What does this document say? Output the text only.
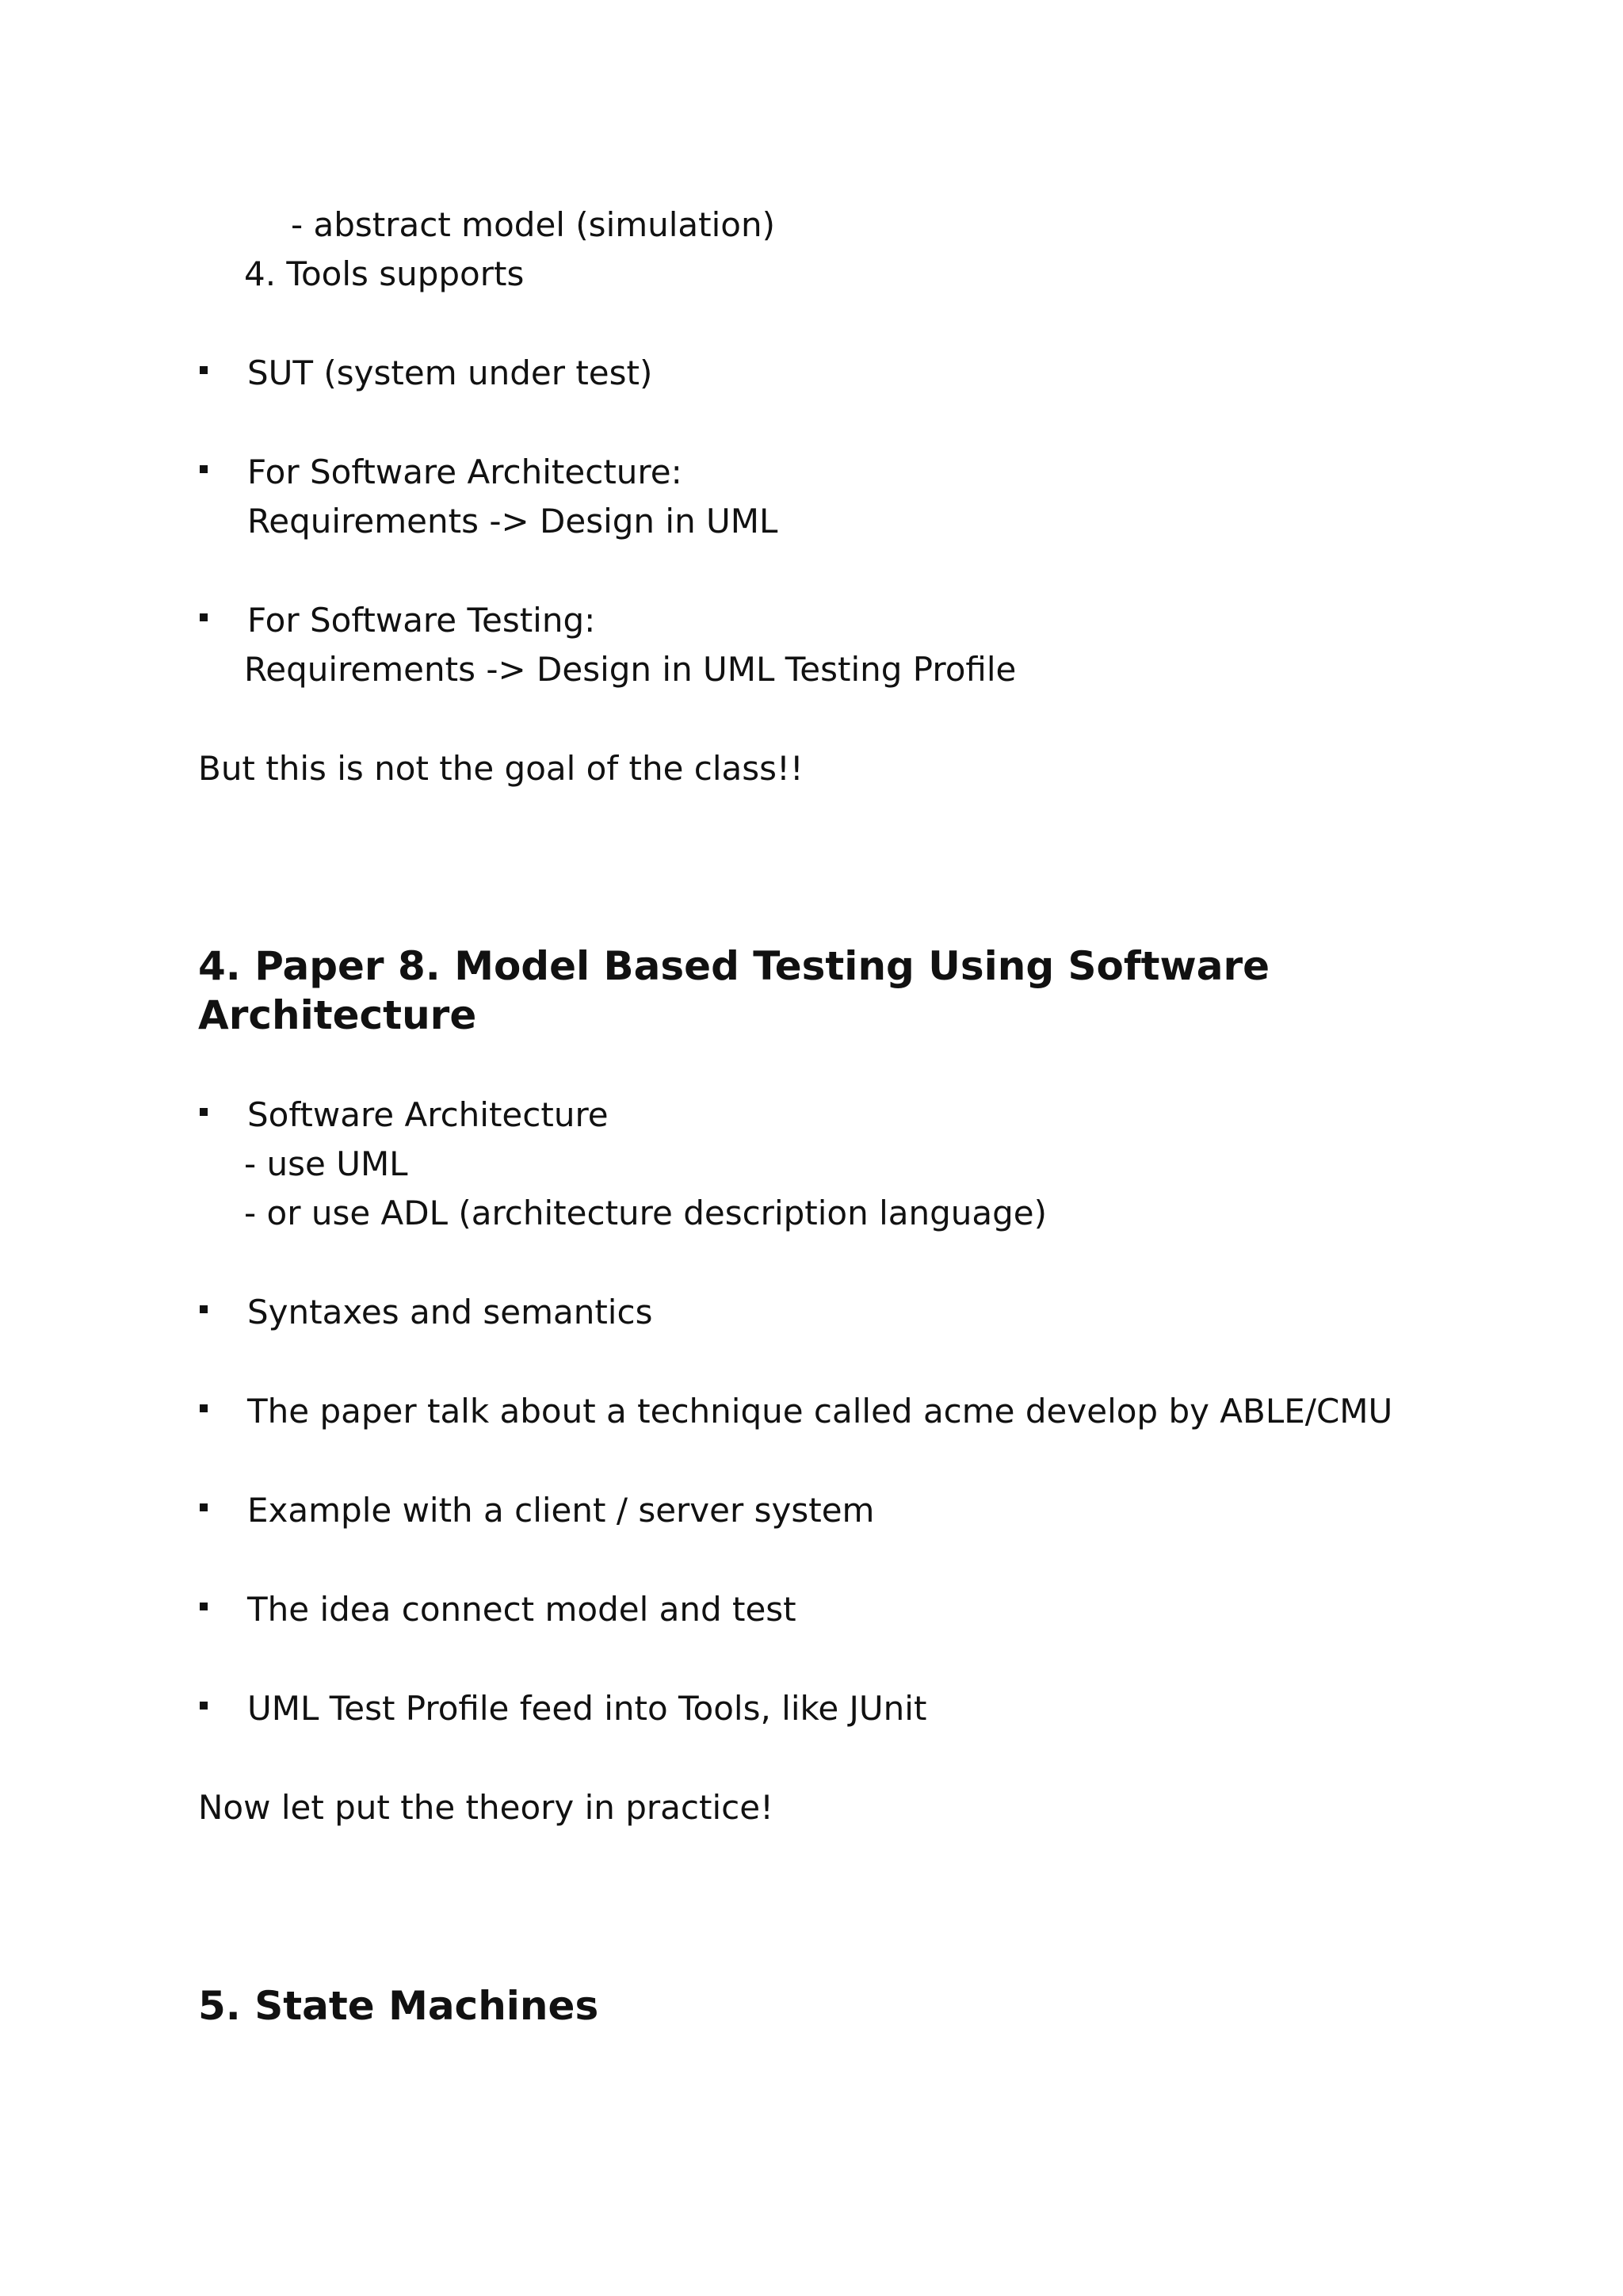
- abstract model (simulation)
4. Tools supports
SUT (system under test)
For Software Architecture:
Requirements -> Design in UML
For Software Testing:
Requirements -> Design in UML Testing Profile
But this is not the goal of the class!!
4. Paper 8. Model Based Testing Using Software
Architecture
Software Architecture
- use UML
- or use ADL (architecture description language)
Syntaxes and semantics
The paper talk about a technique called acme develop by ABLE/CMU
Example with a client / server system
The idea connect model and test
UML Test Profile feed into Tools, like JUnit
Now let put the theory in practice!
5. State Machines
